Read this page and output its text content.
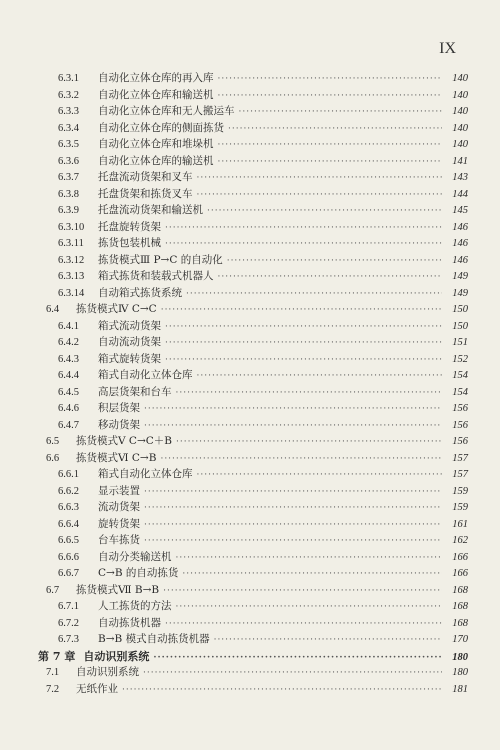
IX
6.3.1	自动化立体仓库的再入库 ·····	140
6.3.2	自动化立体仓库和输送机 ·····	140
6.3.3	自动化立体仓库和无人搬运车 ·····	140
6.3.4	自动化立体仓库的侧面拣货 ·····	140
6.3.5	自动化立体仓库和堆垛机 ·····	140
6.3.6	自动化立体仓库的输送机 ·····	141
6.3.7	托盘流动货架和叉车 ·····	143
6.3.8	托盘货架和拣货叉车 ·····	144
6.3.9	托盘流动货架和输送机 ·····	145
6.3.10	托盘旋转货架 ·····	146
6.3.11	拣货包装机械 ·····	146
6.3.12	拣货模式Ⅲ P→C 的自动化 ·····	146
6.3.13	箱式拣货和装载式机器人 ·····	149
6.3.14	自动箱式拣货系统 ·····	149
6.4	拣货模式Ⅳ C→C ·····	150
6.4.1	箱式流动货架 ·····	150
6.4.2	自动流动货架 ·····	151
6.4.3	箱式旋转货架 ·····	152
6.4.4	箱式自动化立体仓库 ·····	154
6.4.5	高层货架和台车 ·····	154
6.4.6	积层货架 ·····	156
6.4.7	移动货架 ·····	156
6.5	拣货模式Ⅴ C→C＋B ·····	156
6.6	拣货模式Ⅵ C→B ·····	157
6.6.1	箱式自动化立体仓库 ·····	157
6.6.2	显示装置 ·····	159
6.6.3	流动货架 ·····	159
6.6.4	旋转货架 ·····	161
6.6.5	台车拣货 ·····	162
6.6.6	自动分类输送机 ·····	166
6.6.7	C→B 的自动拣货 ·····	166
6.7	拣货模式Ⅶ B→B ·····	168
6.7.1	人工拣货的方法 ·····	168
6.7.2	自动拣货机器 ·····	168
6.7.3	B→B 模式自动拣货机器 ·····	170
第 7 章 自动识别系统 ·····	180
7.1	自动识别系统 ·····	180
7.2	无纸作业 ·····	181
